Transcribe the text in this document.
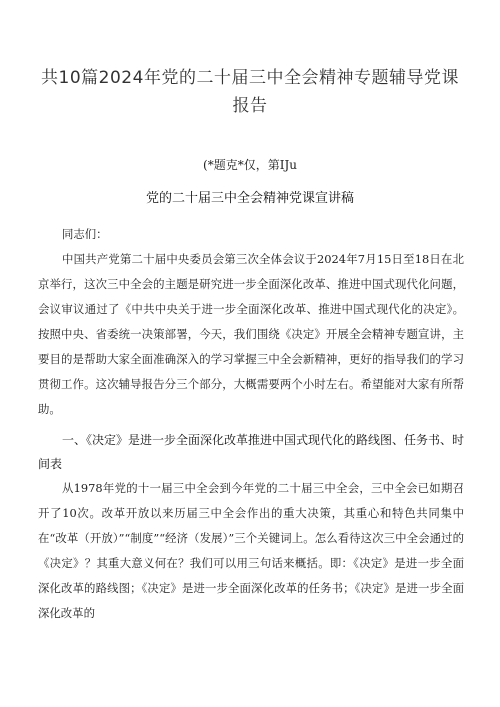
共10篇2024年党的二十届三中全会精神专题辅导党课报告
(*题克*仅，第IJu
党的二十届三中全会精神党课宣讲稿

同志们：

中国共产党第二十届中央委员会第三次全体会议于2024年7月15日至18日在北京举行，这次三中全会的主题是研究进一步全面深化改革、推进中国式现代化问题，会议审议通过了《中共中央关于进一步全面深化改革、推进中国式现代化的决定》。按照中央、省委统一决策部署，今天，我们围绕《决定》开展全会精神专题宣讲，主要目的是帮助大家全面准确深入的学习掌握三中全会新精神，更好的指导我们的学习贯彻工作。这次辅导报告分三个部分，大概需要两个小时左右。希望能对大家有所帮助。

一、《决定》是进一步全面深化改革推进中国式现代化的路线图、任务书、时间表

从1978年党的十一届三中全会到今年党的二十届三中全会，三中全会已如期召开了10次。改革开放以来历届三中全会作出的重大决策，其重心和特色共同集中在“改革（开放）”“制度”“经济（发展）”三个关键词上。怎么看待这次三中全会通过的《决定》？其重大意义何在？我们可以用三句话来概括。即：《决定》是进一步全面深化改革的路线图；《决定》是进一步全面深化改革的任务书；《决定》是进一步全面深化改革的
